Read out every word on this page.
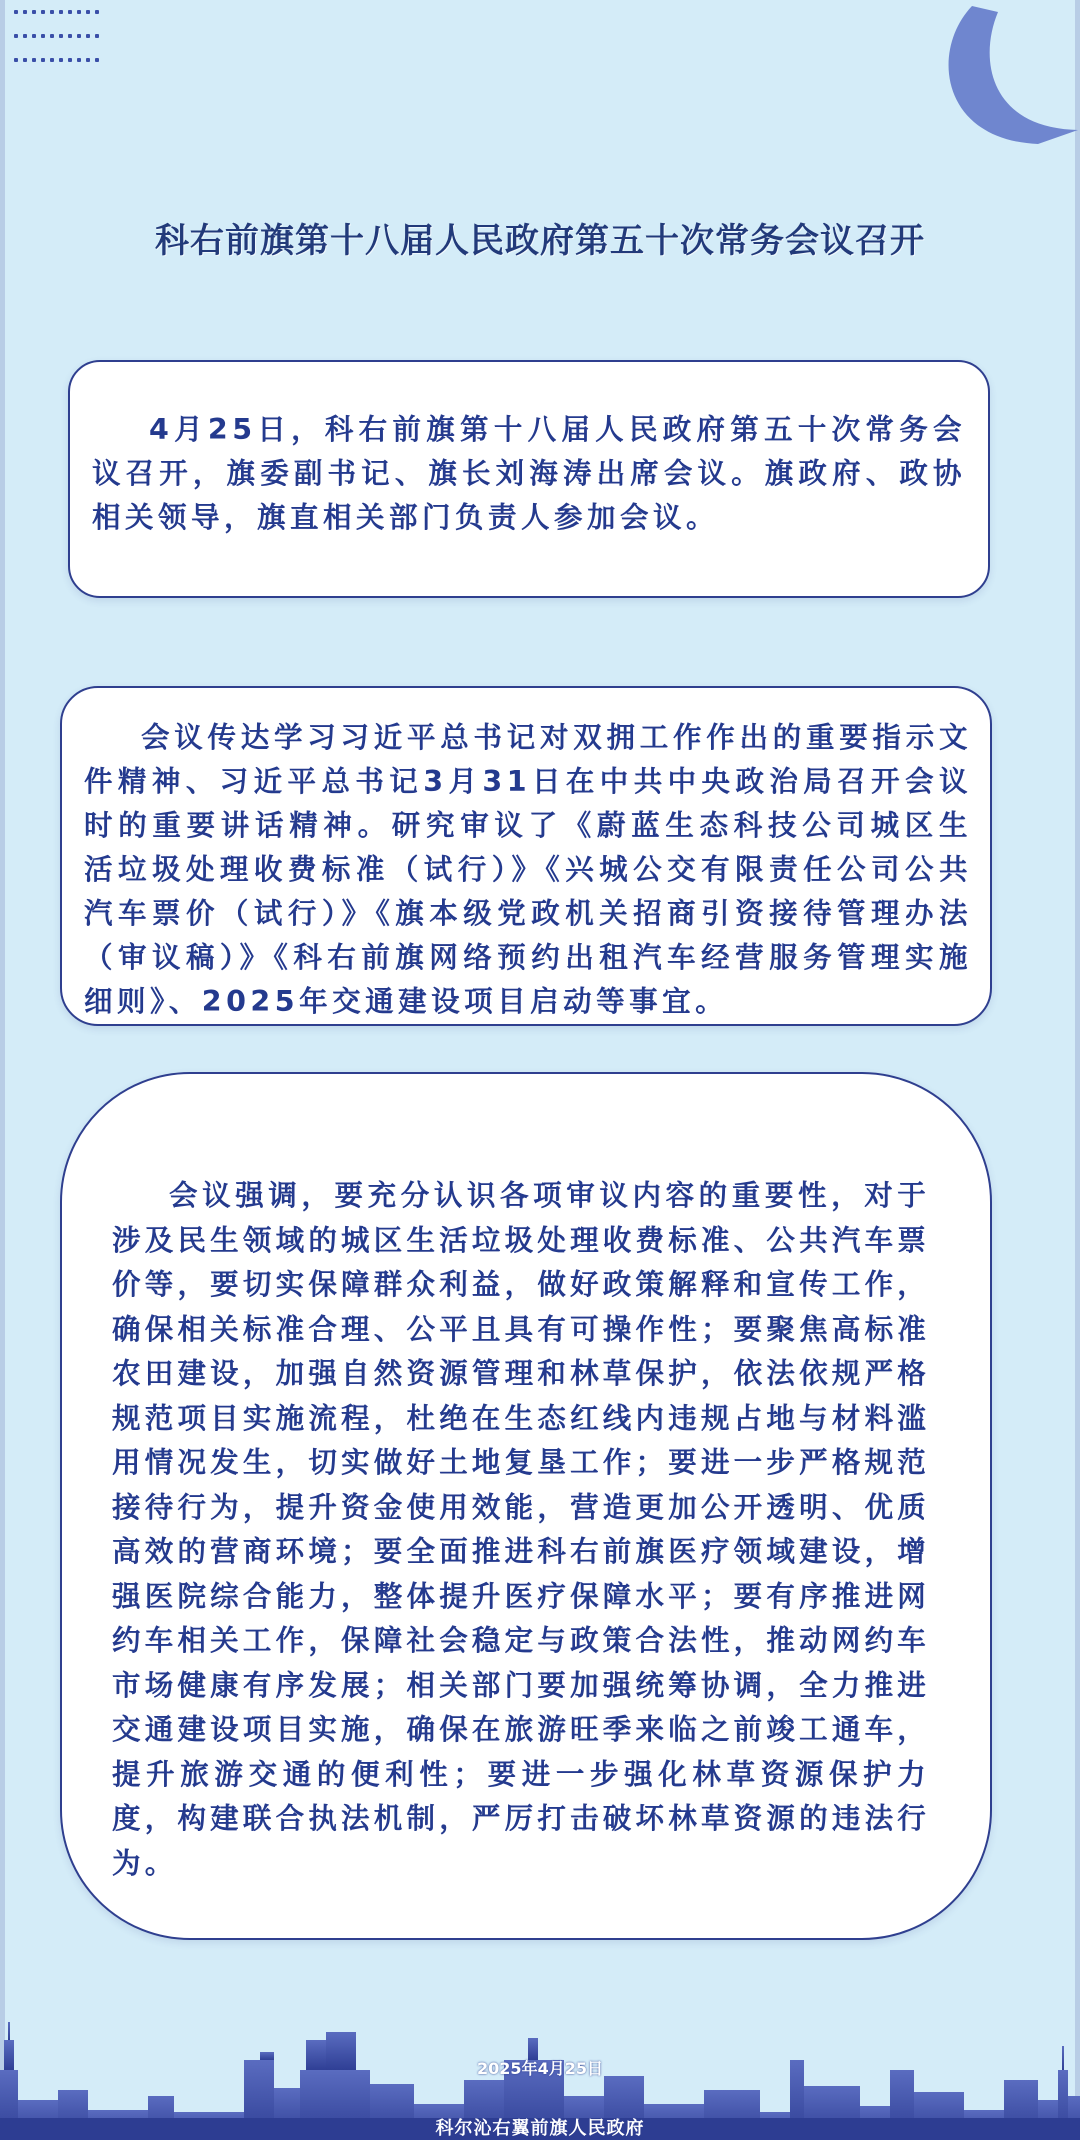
科右前旗第十八届人民政府第五十次常务会议召开

4月25日，科右前旗第十八届人民政府第五十次常务会议召开，旗委副书记、旗长刘海涛出席会议。旗政府、政协相关领导，旗直相关部门负责人参加会议。

会议传达学习习近平总书记对双拥工作作出的重要指示文件精神、习近平总书记3月31日在中共中央政治局召开会议时的重要讲话精神。研究审议了《蔚蓝生态科技公司城区生活垃圾处理收费标准（试行）》《兴城公交有限责任公司公共汽车票价（试行）》《旗本级党政机关招商引资接待管理办法（审议稿）》《科右前旗网络预约出租汽车经营服务管理实施细则》、2025年交通建设项目启动等事宜。

会议强调，要充分认识各项审议内容的重要性，对于涉及民生领域的城区生活垃圾处理收费标准、公共汽车票价等，要切实保障群众利益，做好政策解释和宣传工作，确保相关标准合理、公平且具有可操作性；要聚焦高标准农田建设，加强自然资源管理和林草保护，依法依规严格规范项目实施流程，杜绝在生态红线内违规占地与材料滥用情况发生，切实做好土地复垦工作；要进一步严格规范接待行为，提升资金使用效能，营造更加公开透明、优质高效的营商环境；要全面推进科右前旗医疗领域建设，增强医院综合能力，整体提升医疗保障水平；要有序推进网约车相关工作，保障社会稳定与政策合法性，推动网约车市场健康有序发展；相关部门要加强统筹协调，全力推进交通建设项目实施，确保在旅游旺季来临之前竣工通车，提升旅游交通的便利性；要进一步强化林草资源保护力度，构建联合执法机制，严厉打击破坏林草资源的违法行为。

2025年4月25日
科尔沁右翼前旗人民政府
